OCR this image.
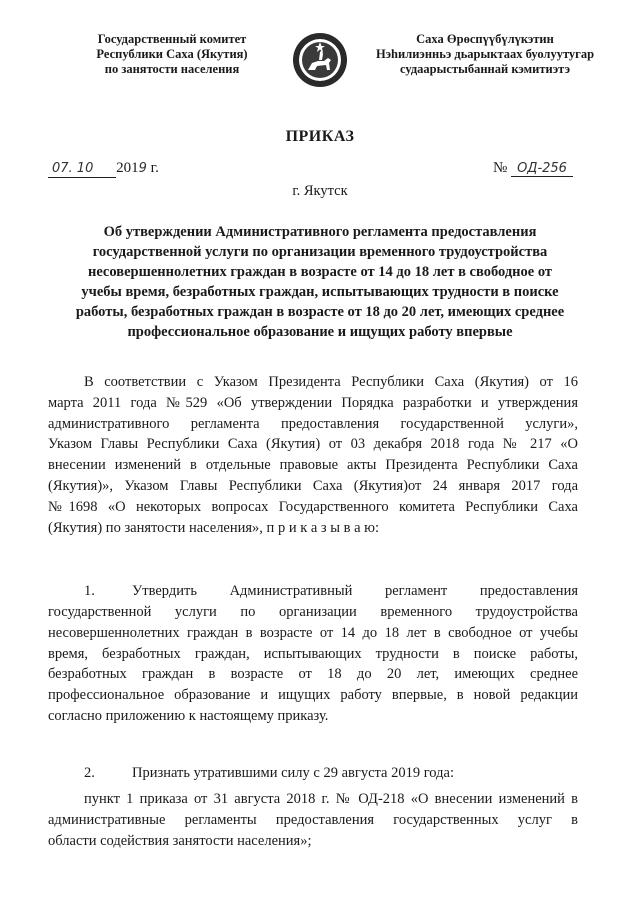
Государственный комитет
Республики Саха (Якутия)
по занятости населения
Саха Өрөспүүбүлүкэтин
Нэһилиэнньэ дьарыктаах буолуутугар
судаарыстыбаннай кэмитиэтэ
ПРИКАЗ
07. 10 2019 г.	№ ОД-256
г. Якутск
Об утверждении Административного регламента предоставления
государственной услуги по организации временного трудоустройства
несовершеннолетних граждан в возрасте от 14 до 18 лет в свободное от
учебы время, безработных граждан, испытывающих трудности в поиске
работы, безработных граждан в возрасте от 18 до 20 лет, имеющих среднее
профессиональное образование и ищущих работу впервые
В соответствии с Указом Президента Республики Саха (Якутия) от 16
марта 2011 года №529 «Об утверждении Порядка разработки и утверждения
административного регламента предоставления государственной услуги»,
Указом Главы Республики Саха (Якутия) от 03 декабря 2018 года № 217 «О
внесении изменений в отдельные правовые акты Президента Республики Саха
(Якутия)», Указом Главы Республики Саха (Якутия)от 24 января 2017 года
№1698 «О некоторых вопросах Государственного комитета Республики Саха
(Якутия) по занятости населения», п р и к а з ы в а ю:
1.	Утвердить Административный регламент предоставления
государственной услуги по организации временного трудоустройства
несовершеннолетних граждан в возрасте от 14 до 18 лет в свободное от учебы
время, безработных граждан, испытывающих трудности в поиске работы,
безработных граждан в возрасте от 18 до 20 лет, имеющих среднее
профессиональное образование и ищущих работу впервые, в новой редакции
согласно приложению к настоящему приказу.
2.	Признать утратившими силу с 29 августа 2019 года:
пункт 1 приказа от 31 августа 2018 г. № ОД-218 «О внесении изменений в
административные регламенты предоставления государственных услуг в
области содействия занятости населения»;
